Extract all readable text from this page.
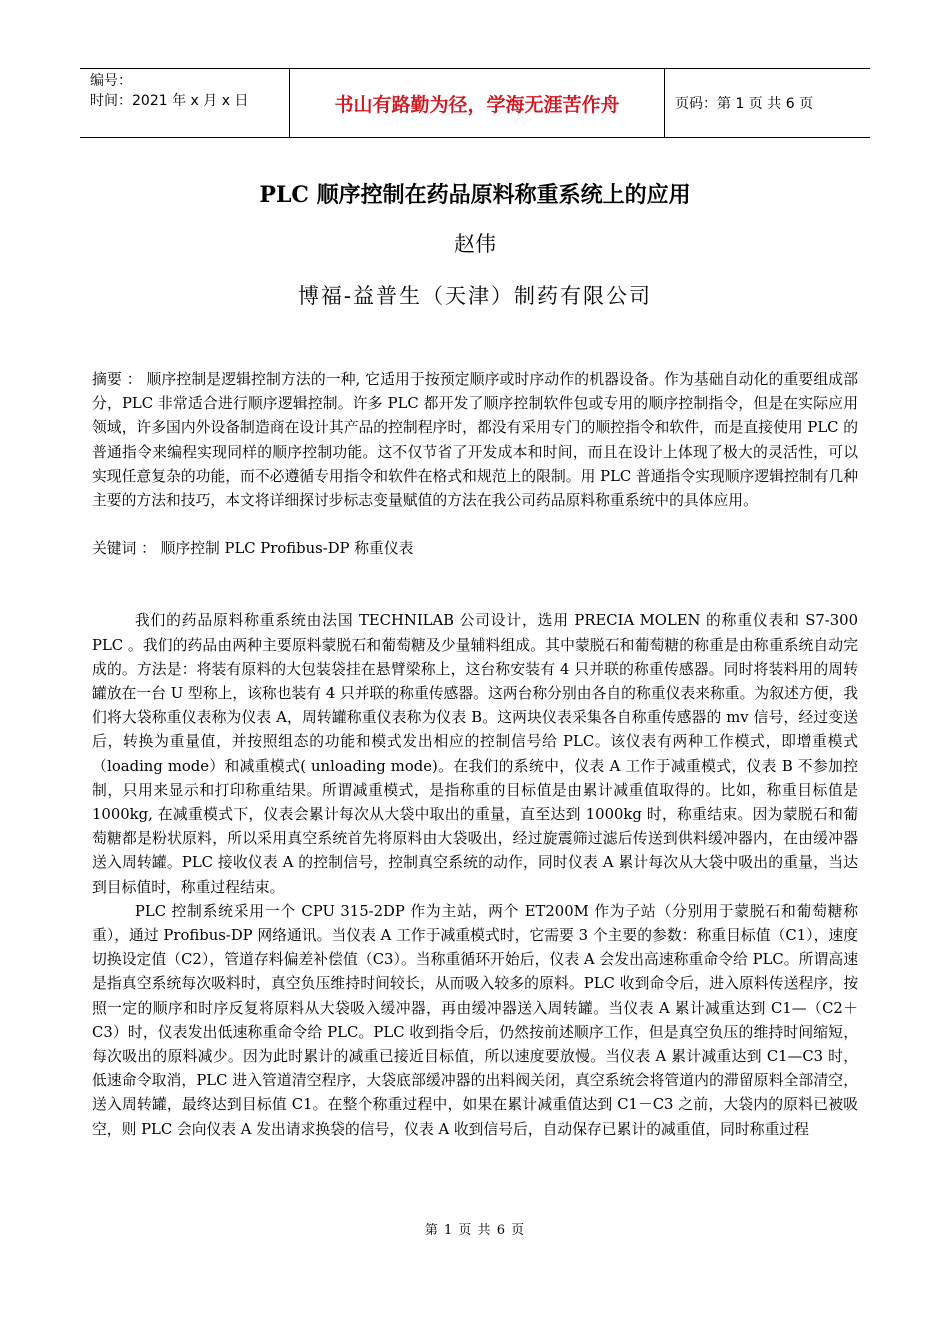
编号：
时间：2021 年 x 月 x 日	书山有路勤为径，学海无涯苦作舟	页码：第 1 页 共 6 页
PLC 顺序控制在药品原料称重系统上的应用
赵伟
博福-益普生（天津）制药有限公司

摘要 ： 顺序控制是逻辑控制方法的一种, 它适用于按预定顺序或时序动作的机器设备。作为基础自动化的重要组成部分，PLC 非常适合进行顺序逻辑控制。许多 PLC 都开发了顺序控制软件包或专用的顺序控制指令，但是在实际应用领域，许多国内外设备制造商在设计其产品的控制程序时，都没有采用专门的顺控指令和软件，而是直接使用 PLC 的普通指令来编程实现同样的顺序控制功能。这不仅节省了开发成本和时间，而且在设计上体现了极大的灵活性，可以实现任意复杂的功能，而不必遵循专用指令和软件在格式和规范上的限制。用 PLC 普通指令实现顺序逻辑控制有几种主要的方法和技巧，本文将详细探讨步标志变量赋值的方法在我公司药品原料称重系统中的具体应用。

关键词 ： 顺序控制 PLC Profibus-DP 称重仪表

我们的药品原料称重系统由法国 TECHNILAB 公司设计，选用 PRECIA MOLEN 的称重仪表和 S7-300 PLC 。我们的药品由两种主要原料蒙脱石和葡萄糖及少量辅料组成。其中蒙脱石和葡萄糖的称重是由称重系统自动完成的。方法是：将装有原料的大包装袋挂在悬臂梁称上，这台称安装有 4 只并联的称重传感器。同时将装料用的周转罐放在一台 U 型称上，该称也装有 4 只并联的称重传感器。这两台称分别由各自的称重仪表来称重。为叙述方便，我们将大袋称重仪表称为仪表 A，周转罐称重仪表称为仪表 B。这两块仪表采集各自称重传感器的 mv 信号，经过变送后，转换为重量值，并按照组态的功能和模式发出相应的控制信号给 PLC。该仪表有两种工作模式，即增重模式（loading mode）和减重模式( unloading mode)。在我们的系统中，仪表 A 工作于减重模式，仪表 B 不参加控制，只用来显示和打印称重结果。所谓减重模式，是指称重的目标值是由累计减重值取得的。比如，称重目标值是 1000kg, 在减重模式下，仪表会累计每次从大袋中取出的重量，直至达到 1000kg 时，称重结束。因为蒙脱石和葡萄糖都是粉状原料，所以采用真空系统首先将原料由大袋吸出，经过旋震筛过滤后传送到供料缓冲器内，在由缓冲器送入周转罐。PLC 接收仪表 A 的控制信号，控制真空系统的动作，同时仪表 A 累计每次从大袋中吸出的重量，当达到目标值时，称重过程结束。

PLC 控制系统采用一个 CPU 315-2DP 作为主站，两个 ET200M 作为子站（分别用于蒙脱石和葡萄糖称重），通过 Profibus-DP 网络通讯。当仪表 A 工作于减重模式时，它需要 3 个主要的参数：称重目标值（C1），速度切换设定值（C2），管道存料偏差补偿值（C3）。当称重循环开始后，仪表 A 会发出高速称重命令给 PLC。所谓高速是指真空系统每次吸料时，真空负压维持时间较长，从而吸入较多的原料。PLC 收到命令后，进入原料传送程序，按照一定的顺序和时序反复将原料从大袋吸入缓冲器，再由缓冲器送入周转罐。当仪表 A 累计减重达到 C1—（C2＋C3）时，仪表发出低速称重命令给 PLC。PLC 收到指令后，仍然按前述顺序工作，但是真空负压的维持时间缩短，每次吸出的原料减少。因为此时累计的减重已接近目标值，所以速度要放慢。当仪表 A 累计减重达到 C1—C3 时，低速命令取消，PLC 进入管道清空程序，大袋底部缓冲器的出料阀关闭，真空系统会将管道内的滞留原料全部清空，送入周转罐，最终达到目标值 C1。在整个称重过程中，如果在累计减重值达到 C1－C3 之前，大袋内的原料已被吸空，则 PLC 会向仪表 A 发出请求换袋的信号，仪表 A 收到信号后，自动保存已累计的减重值，同时称重过程

第 1 页 共 6 页
